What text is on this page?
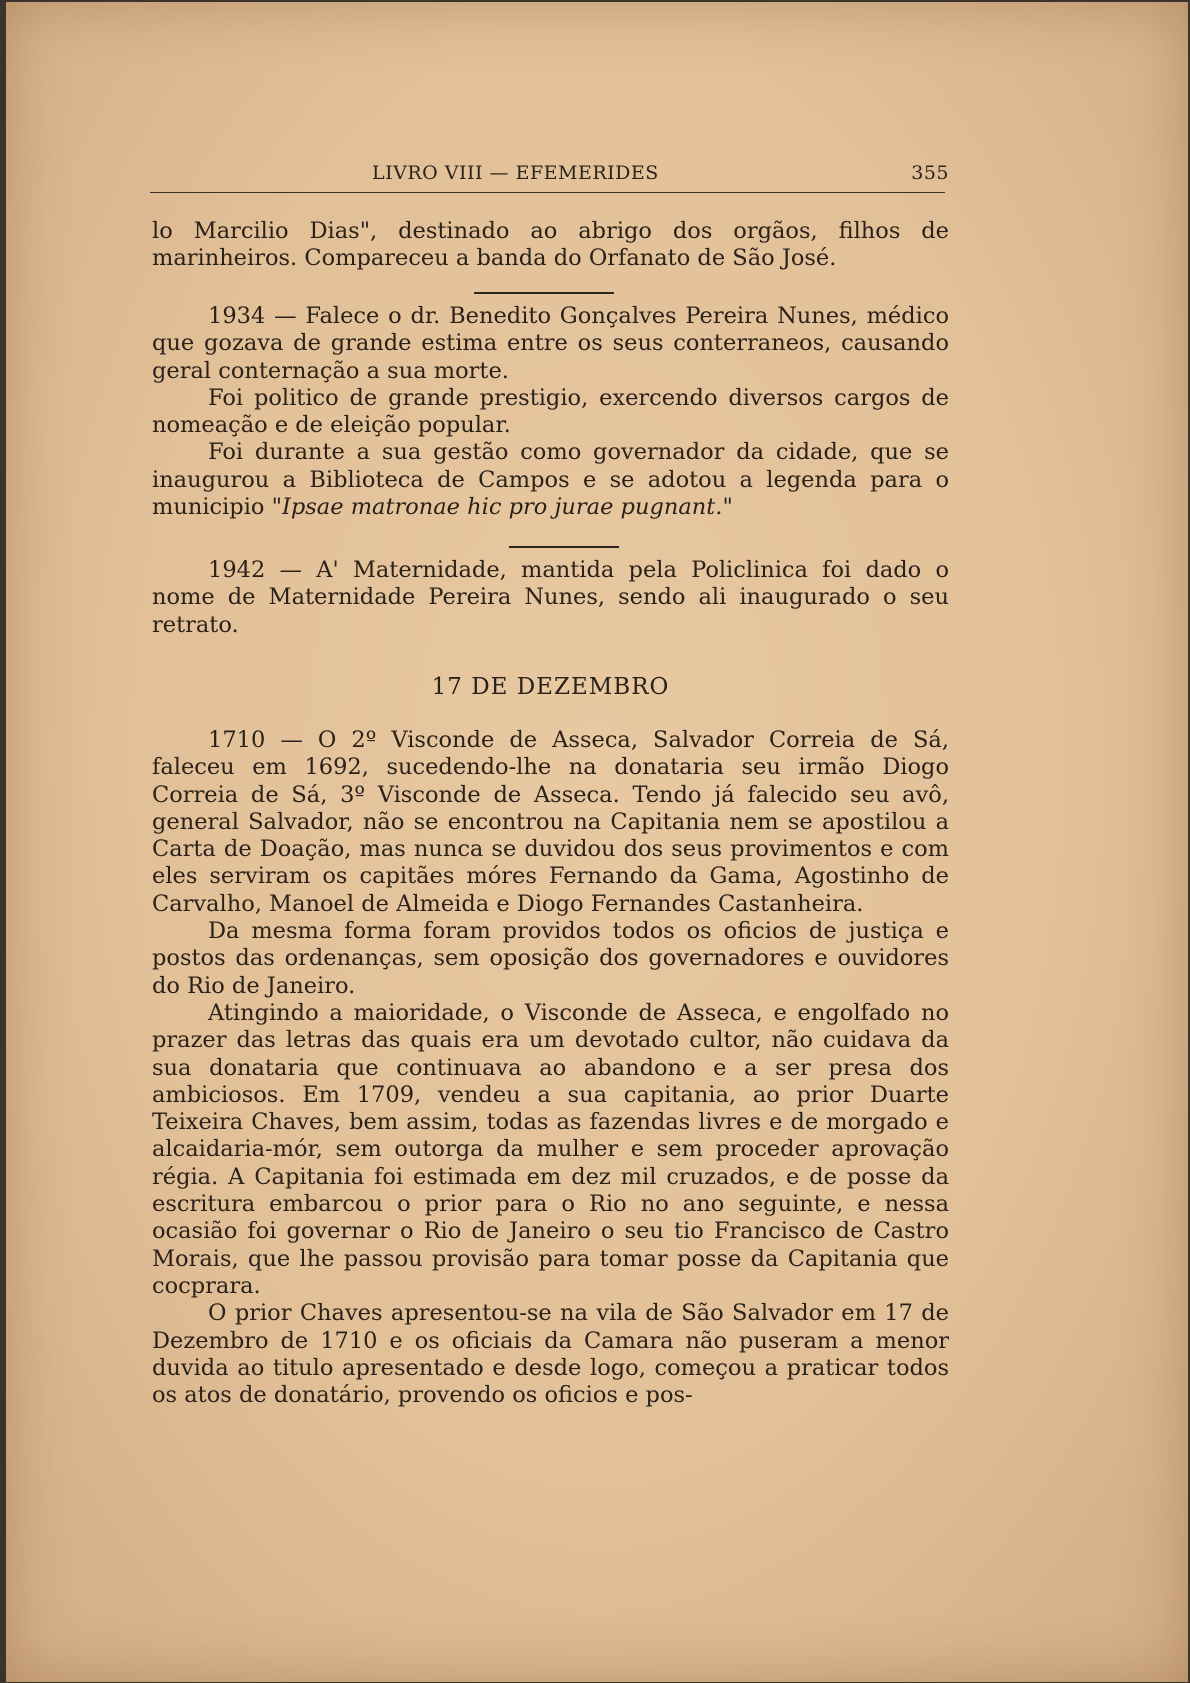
LIVRO VIII — EFEMERIDES	355

lo Marcilio Dias", destinado ao abrigo dos orgãos, filhos de marinheiros. Compareceu a banda do Orfanato de São José.

1934 — Falece o dr. Benedito Gonçalves Pereira Nunes, médico que gozava de grande estima entre os seus conterraneos, causando geral conternação a sua morte.

Foi politico de grande prestigio, exercendo diversos cargos de nomeação e de eleição popular.

Foi durante a sua gestão como governador da cidade, que se inaugurou a Biblioteca de Campos e se adotou a legenda para o municipio "Ipsae matronae hic pro jurae pugnant."

1942 — A' Maternidade, mantida pela Policlinica foi dado o nome de Maternidade Pereira Nunes, sendo ali inaugurado o seu retrato.

17 DE DEZEMBRO

1710 — O 2º Visconde de Asseca, Salvador Correia de Sá, faleceu em 1692, sucedendo-lhe na donataria seu irmão Diogo Correia de Sá, 3º Visconde de Asseca. Tendo já falecido seu avô, general Salvador, não se encontrou na Capitania nem se apostilou a Carta de Doação, mas nunca se duvidou dos seus provimentos e com eles serviram os capitães móres Fernando da Gama, Agostinho de Carvalho, Manoel de Almeida e Diogo Fernandes Castanheira.

Da mesma forma foram providos todos os oficios de justiça e postos das ordenanças, sem oposição dos governadores e ouvidores do Rio de Janeiro.

Atingindo a maioridade, o Visconde de Asseca, e engolfado no prazer das letras das quais era um devotado cultor, não cuidava da sua donataria que continuava ao abandono e a ser presa dos ambiciosos. Em 1709, vendeu a sua capitania, ao prior Duarte Teixeira Chaves, bem assim, todas as fazendas livres e de morgado e alcaidaria-mór, sem outorga da mulher e sem proceder aprovação régia. A Capitania foi estimada em dez mil cruzados, e de posse da escritura embarcou o prior para o Rio no ano seguinte, e nessa ocasião foi governar o Rio de Janeiro o seu tio Francisco de Castro Morais, que lhe passou provisão para tomar posse da Capitania que cocprara.

O prior Chaves apresentou-se na vila de São Salvador em 17 de Dezembro de 1710 e os oficiais da Camara não puseram a menor duvida ao titulo apresentado e desde logo, começou a praticar todos os atos de donatário, provendo os oficios e pos-
